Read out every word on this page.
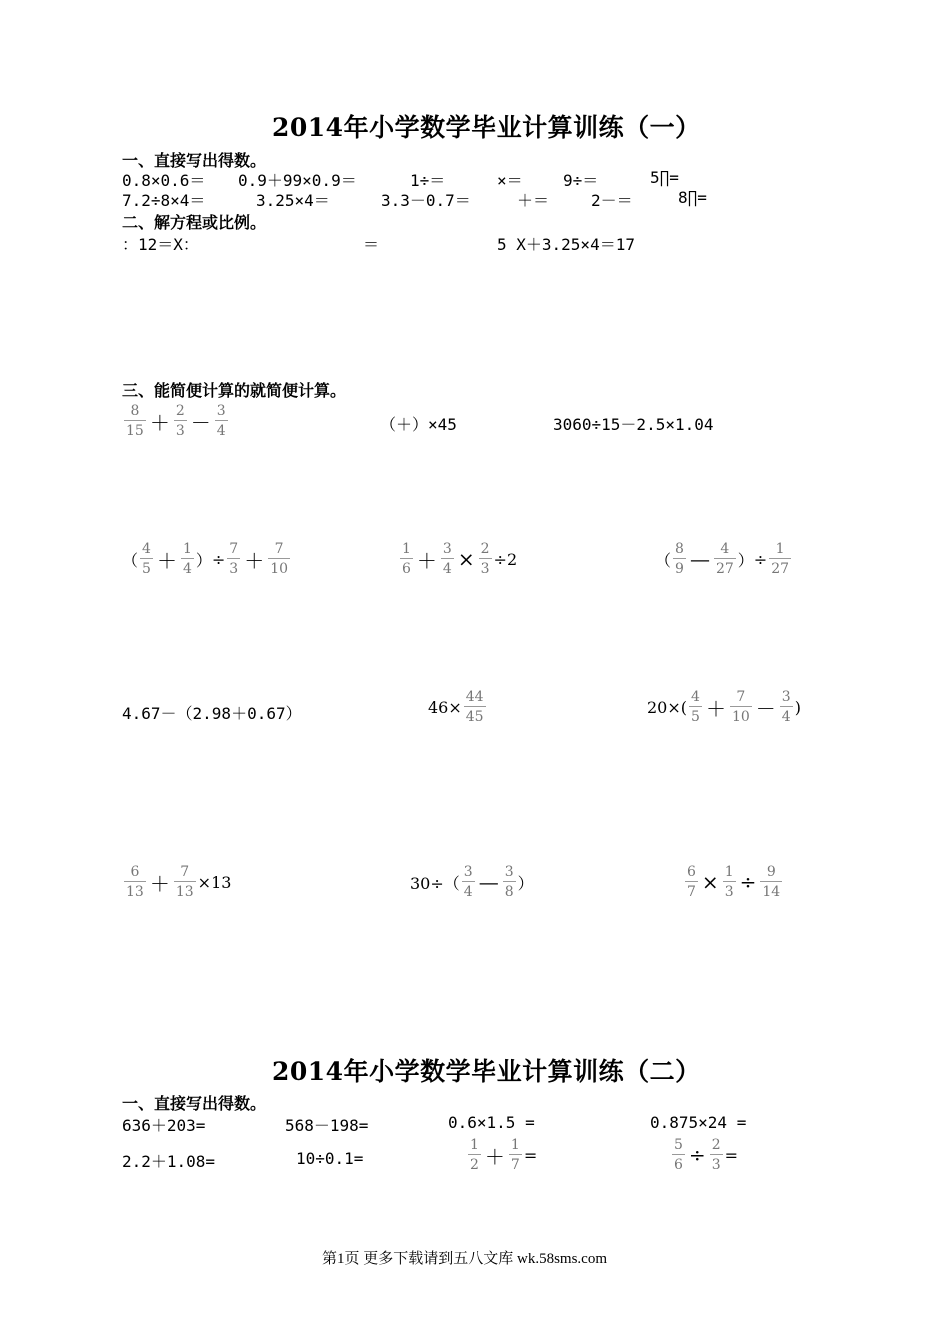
2014年小学数学毕业计算训练（一）
一、直接写出得数。
0.8×0.6＝ 0.9＋99×0.9＝	1÷＝	×＝	9÷＝	5∏=
7.2÷8×4＝	3.25×4＝	3.3－0.7＝	＋＝	2－＝	8∏=
二、解方程或比例。
：12＝X：	＝	5 X＋3.25×4＝17
三、能简便计算的就简便计算。
$\frac{8}{15} + \frac{2}{3} - \frac{3}{4}$	（＋）×45	3060÷15－2.5×1.04
（ $\frac{4}{5} + \frac{1}{4}$ ） ÷ $\frac{7}{3} + \frac{7}{10}$	$\frac{1}{6} + \frac{3}{4} \times \frac{2}{3} \div 2$	（ $\frac{8}{9}$ — $\frac{4}{27}$ ） ÷ $\frac{1}{27}$
4.67－（2.98＋0.67）	$46\times \frac{44}{45}$	$20\times( \frac{4}{5} + \frac{7}{10} - \frac{3}{4}$ )
$\frac{6}{13} + \frac{7}{13} \times 13$	$30\div( \frac{3}{4}$ — $\frac{3}{8}$ ）	$\frac{6}{7} \times \frac{1}{3} \div \frac{9}{14}$
2014年小学数学毕业计算训练（二）
一、直接写出得数。
636＋203=	568－198=	0.6×1.5 =	0.875×24 =
2.2＋1.08=	10÷0.1=	$\frac{1}{2} + \frac{1}{7}$ =	$\frac{5}{6} \div \frac{2}{3}$ =
第1页 更多下载请到五八文库 wk.58sms.com
